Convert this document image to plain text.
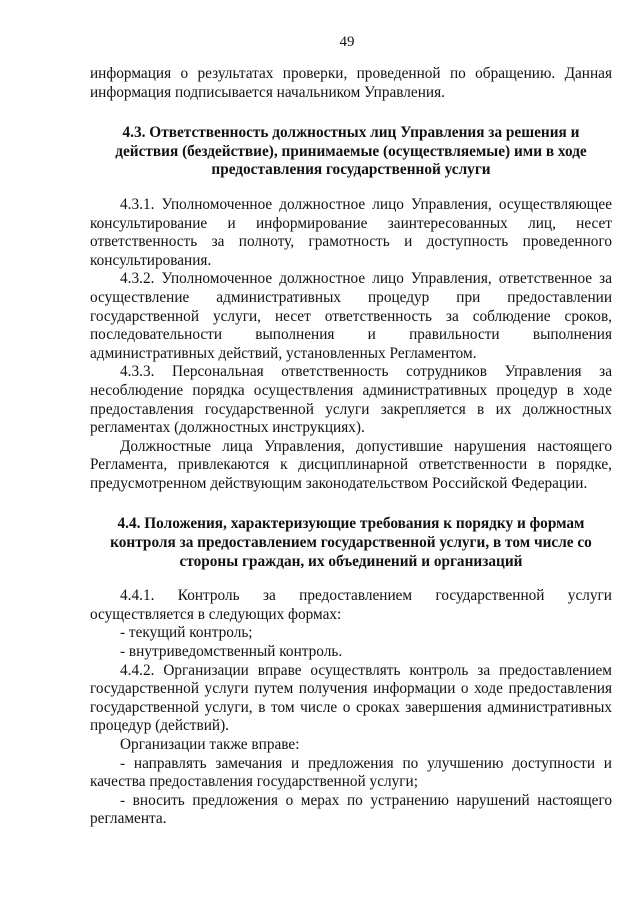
49

информация о результатах проверки, проведенной по обращению. Данная информация подписывается начальником Управления.

4.3. Ответственность должностных лиц Управления за решения и действия (бездействие), принимаемые (осуществляемые) ими в ходе предоставления государственной услуги

4.3.1. Уполномоченное должностное лицо Управления, осуществляющее консультирование и информирование заинтересованных лиц, несет ответственность за полноту, грамотность и доступность проведенного консультирования.

4.3.2. Уполномоченное должностное лицо Управления, ответственное за осуществление административных процедур при предоставлении государственной услуги, несет ответственность за соблюдение сроков, последовательности выполнения и правильности выполнения административных действий, установленных Регламентом.

4.3.3. Персональная ответственность сотрудников Управления за несоблюдение порядка осуществления административных процедур в ходе предоставления государственной услуги закрепляется в их должностных регламентах (должностных инструкциях).

Должностные лица Управления, допустившие нарушения настоящего Регламента, привлекаются к дисциплинарной ответственности в порядке, предусмотренном действующим законодательством Российской Федерации.

4.4. Положения, характеризующие требования к порядку и формам контроля за предоставлением государственной услуги, в том числе со стороны граждан, их объединений и организаций

4.4.1. Контроль за предоставлением государственной услуги осуществляется в следующих формах:

- текущий контроль;

- внутриведомственный контроль.

4.4.2. Организации вправе осуществлять контроль за предоставлением государственной услуги путем получения информации о ходе предоставления государственной услуги, в том числе о сроках завершения административных процедур (действий).

Организации также вправе:

- направлять замечания и предложения по улучшению доступности и качества предоставления государственной услуги;

- вносить предложения о мерах по устранению нарушений настоящего регламента.
